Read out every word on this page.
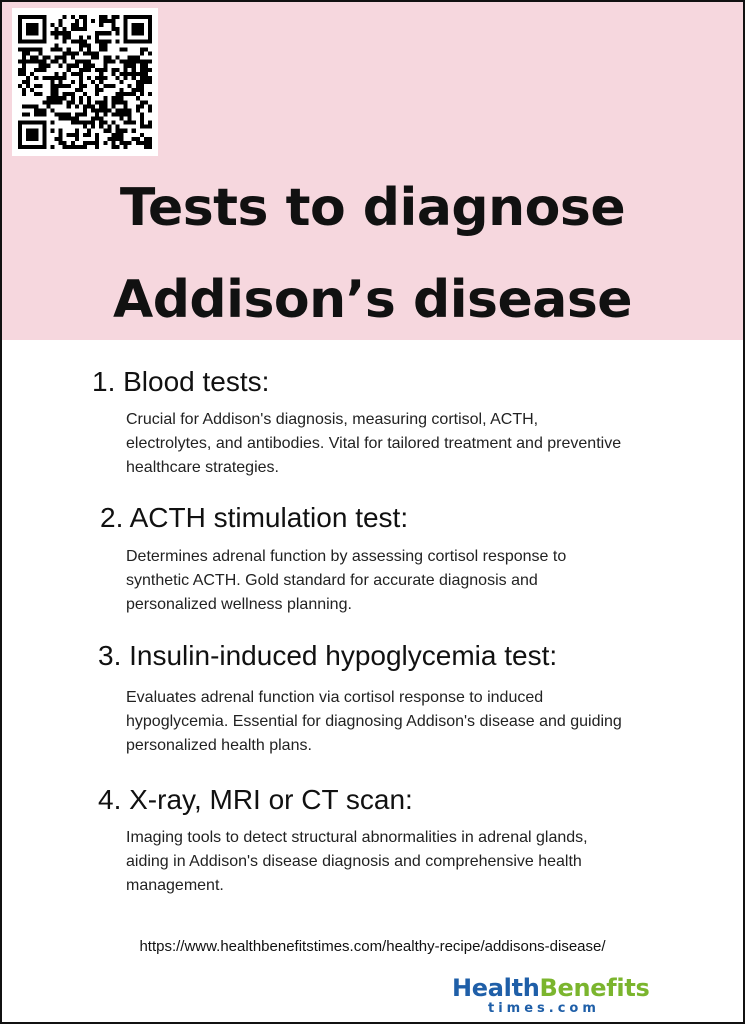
Tests to diagnose
Addison’s disease
1. Blood tests:
Crucial for Addison's diagnosis, measuring cortisol, ACTH, electrolytes, and antibodies. Vital for tailored treatment and preventive healthcare strategies.
2. ACTH stimulation test:
Determines adrenal function by assessing cortisol response to synthetic ACTH. Gold standard for accurate diagnosis and personalized wellness planning.
3. Insulin-induced hypoglycemia test:
Evaluates adrenal function via cortisol response to induced hypoglycemia. Essential for diagnosing Addison's disease and guiding personalized health plans.
4. X-ray, MRI or CT scan:
Imaging tools to detect structural abnormalities in adrenal glands, aiding in Addison's disease diagnosis and comprehensive health management.
https://www.healthbenefitstimes.com/healthy-recipe/addisons-disease/
HealthBenefits
times.com
